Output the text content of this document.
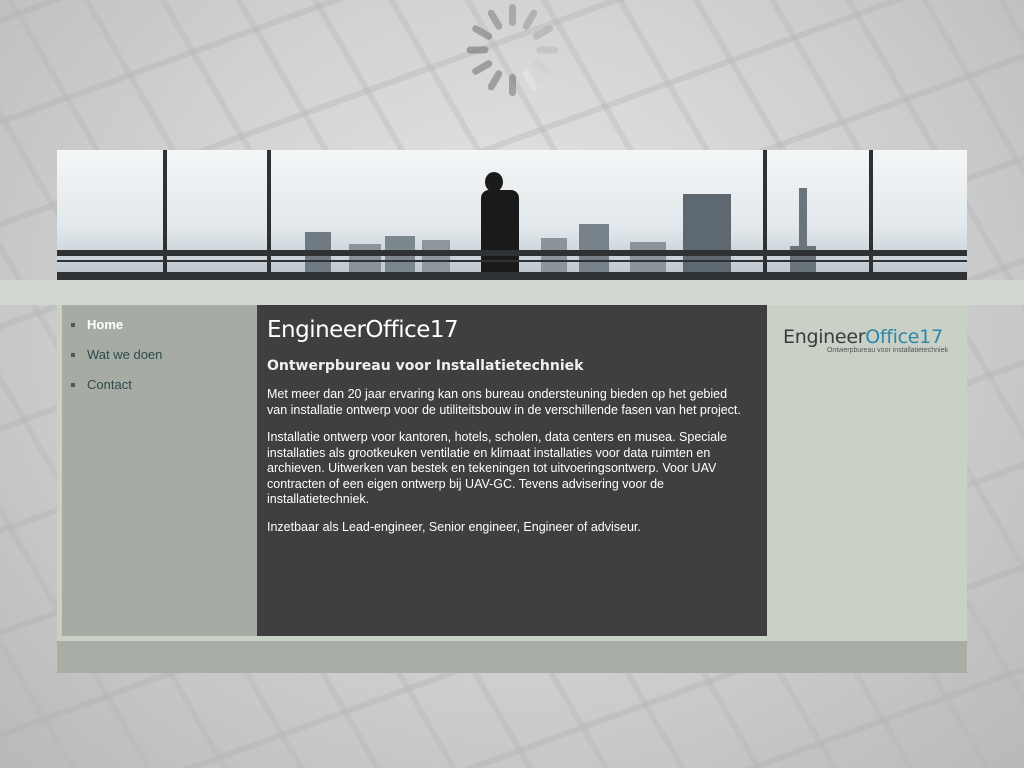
Home
Wat we doen
Contact
EngineerOffice17
Ontwerpbureau voor Installatietechniek

Met meer dan 20 jaar ervaring kan ons bureau ondersteuning bieden op het gebied van installatie ontwerp voor de utiliteitsbouw in de verschillende fasen van het project.

Installatie ontwerp voor kantoren, hotels, scholen, data centers en musea. Speciale installaties als grootkeuken ventilatie en klimaat installaties voor data ruimten en archieven. Uitwerken van bestek en tekeningen tot uitvoeringsontwerp. Voor UAV contracten of een eigen ontwerp bij UAV-GC. Tevens advisering voor de installatietechniek.

Inzetbaar als Lead-engineer, Senior engineer, Engineer of adviseur.

EngineerOffice17
Ontwerpbureau voor installatietechniek
